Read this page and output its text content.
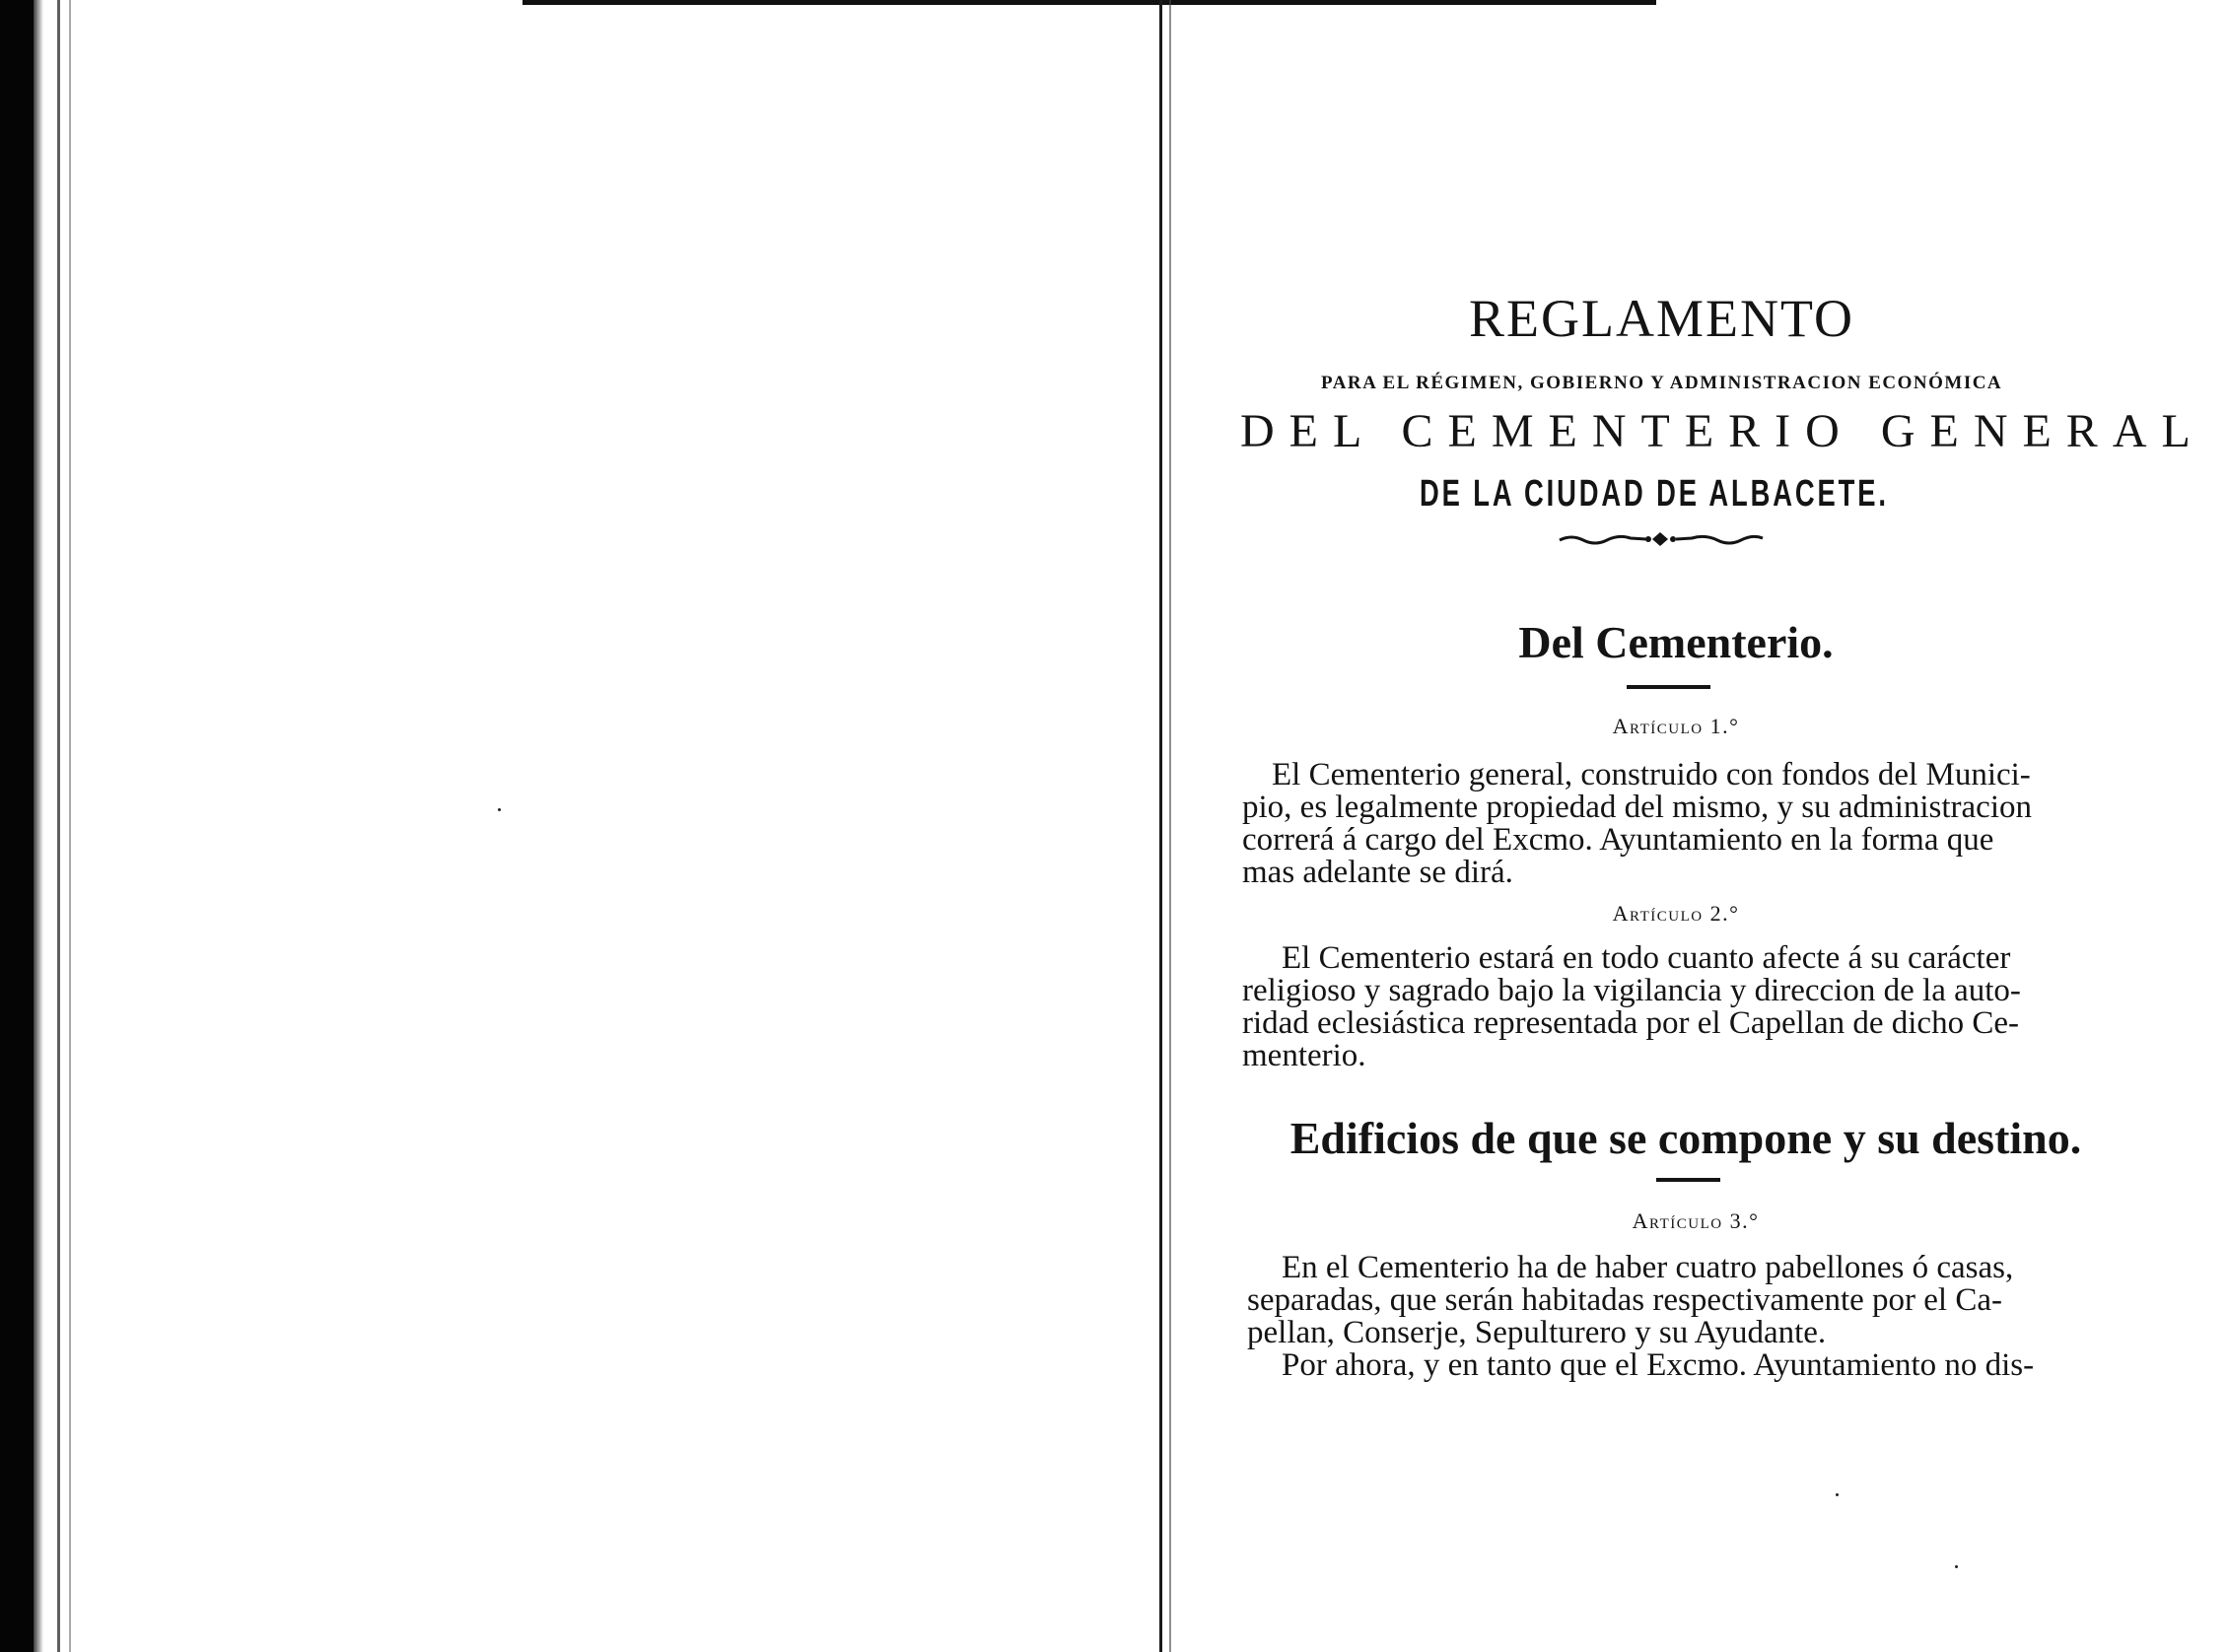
REGLAMENTO
PARA EL RÉGIMEN, GOBIERNO Y ADMINISTRACION ECONÓMICA
DEL CEMENTERIO GENERAL
DE LA CIUDAD DE ALBACETE.
Del Cementerio.
Artículo 1.°
El Cementerio general, construido con fondos del Munici-
pio, es legalmente propiedad del mismo, y su administracion
correrá á cargo del Excmo. Ayuntamiento en la forma que
mas adelante se dirá.
Artículo 2.°
El Cementerio estará en todo cuanto afecte á su carácter
religioso y sagrado bajo la vigilancia y direccion de la auto-
ridad eclesiástica representada por el Capellan de dicho Ce-
menterio.
Edificios de que se compone y su destino.
Artículo 3.°
En el Cementerio ha de haber cuatro pabellones ó casas,
separadas, que serán habitadas respectivamente por el Ca-
pellan, Conserje, Sepulturero y su Ayudante.
Por ahora, y en tanto que el Excmo. Ayuntamiento no dis-
